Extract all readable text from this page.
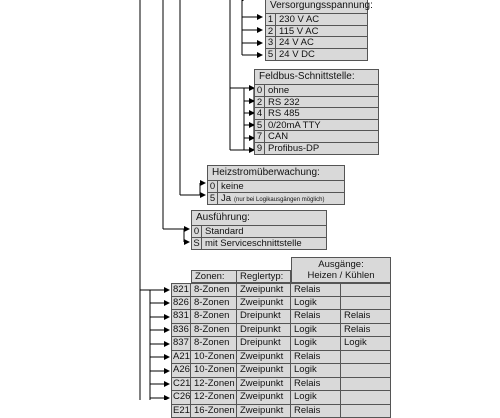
Versorgungsspannung:
1 230 V AC
2 115 V AC
3 24 V AC
5 24 V DC
Feldbus-Schnittstelle:
0 ohne
2 RS 232
4 RS 485
5 0/20mA TTY
7 CAN
9 Profibus-DP
Heizstromüberwachung:
0 keine
5 Ja (nur bei Logikausgängen möglich)
Ausführung:
0 Standard
S mit Serviceschnittstelle
Ausgänge:
Heizen / Kühlen
Zonen:	Reglertyp:
821 8-Zonen	Zweipunkt	Relais
826 8-Zonen	Zweipunkt	Logik
831 8-Zonen	Dreipunkt	Relais	Relais
836 8-Zonen	Dreipunkt	Logik	Relais
837 8-Zonen	Dreipunkt	Logik	Logik
A21 10-Zonen Zweipunkt	Relais
A26 10-Zonen Zweipunkt	Logik
C21 12-Zonen Zweipunkt	Relais
C26 12-Zonen Zweipunkt	Logik
E21 16-Zonen Zweipunkt	Relais
